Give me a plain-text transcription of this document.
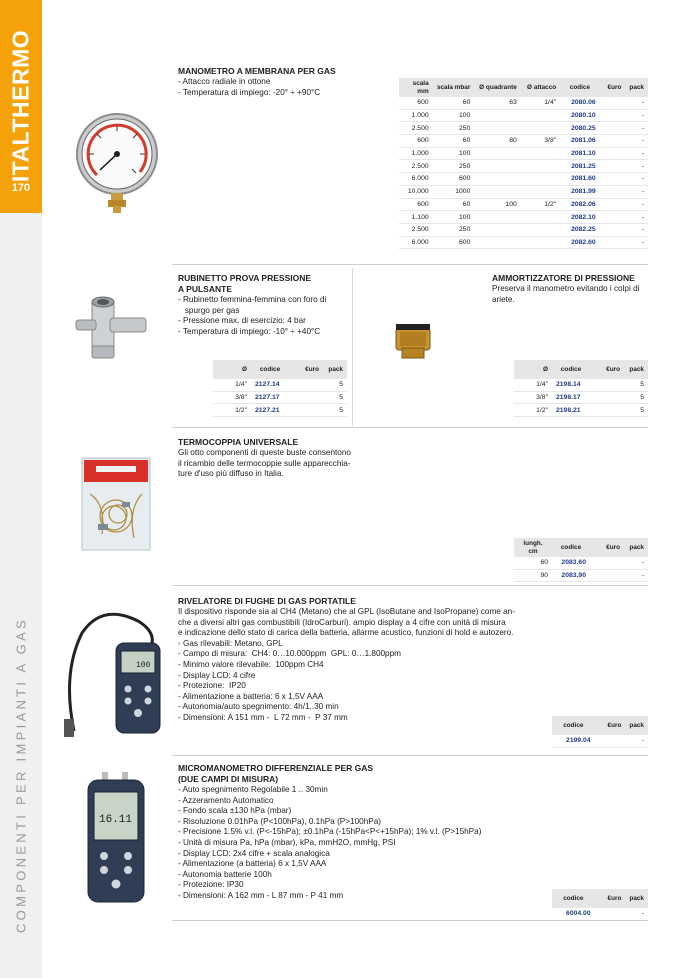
ITALTHERMO
170
COMPONENTI PER IMPIANTI A GAS
MANOMETRO A MEMBRANA PER GAS
- Attacco radiale in ottone
- Temperatura di impiego: -20° ÷ +90°C
scala mm	scala mbar	Ø quadrante	Ø attacco	codice	€uro	pack
600	60	63	1/4"	2080.06		-
1.000	100			2080.10		-
2.500	250			2080.25		-
600	60	80	3/8"	2081.06		-
1.000	100			2081.10		-
2.500	250			2081.25		-
6.000	600			2081.60		-
10.000	1000			2081.99		-
600	60	100	1/2"	2082.06		-
1.100	100			2082.10		-
2.500	250			2082.25		-
6.000	600			2082.60		-
RUBINETTO PROVA PRESSIONE
A PULSANTE
- Rubinetto femmina-femmina con foro di
spurgo per gas
- Pressione max. di esercizio: 4 bar
- Temperatura di impiego: -10° ÷ +40°C
Ø	codice	€uro	pack
1/4"	2127.14		5
3/8"	2127.17		5
1/2"	2127.21		5
AMMORTIZZATORE DI PRESSIONE
Preserva il manometro evitando i colpi di
ariete.
Ø	codice	€uro	pack
1/4"	2198.14		5
3/8"	2198.17		5
1/2"	2198.21		5
TERMOCOPPIA UNIVERSALE
Gli otto componenti di queste buste consentono
il ricambio delle termocoppie sulle apparecchia-
ture d'uso più diffuso in Italia.
lungh. cm	codice	€uro	pack
60	2083.60		-
90	2083.90		-
100
RIVELATORE DI FUGHE DI GAS PORTATILE
Il dispositivo risponde sia al CH4 (Metano) che al GPL (IsoButane and IsoPropane) come an-
che a diversi altri gas combustibili (IdroCarburi). ampio display a 4 cifre con unità di misura
e indicazione dello stato di carica della batteria, allarme acustico, funzioni di hold e autozero.
- Gas rilevabili: Metano, GPL
- Campo di misura:  CH4: 0…10.000ppm  GPL: 0…1.800ppm
- Minimo valore rilevabile:  100ppm CH4
- Display LCD: 4 cifre
- Protezione:  IP20
- Alimentazione a batteria: 6 x 1,5V AAA
- Autonomia/auto spegnimento: 4h/1..30 min
- Dimensioni: A 151 mm -  L 72 mm -  P 37 mm
codice	€uro	pack
2199.04		-
16.11
MICROMANOMETRO DIFFERENZIALE PER GAS
(DUE CAMPI DI MISURA)
- Auto spegnimento Regolabile 1 .. 30min
- Azzeramento Automatico
- Fondo scala ±130 hPa (mbar)
- Risoluzione 0.01hPa (P<100hPa), 0.1hPa (P>100hPa)
- Precisione 1.5% v.l. (P<-15hPa); ±0.1hPa (-15hPa<P<+15hPa); 1% v.l. (P>15hPa)
- Unità di misura Pa, hPa (mbar), kPa, mmH2O, mmHg, PSI
- Display LCD: 2x4 cifre + scala analogica
- Alimentazione (a batteria) 6 x 1,5V AAA
- Autonomia batterie 100h
- Protezione: IP30
- Dimensioni: A 162 mm - L 87 mm - P 41 mm	codice	€uro	pack
6004.00		-
